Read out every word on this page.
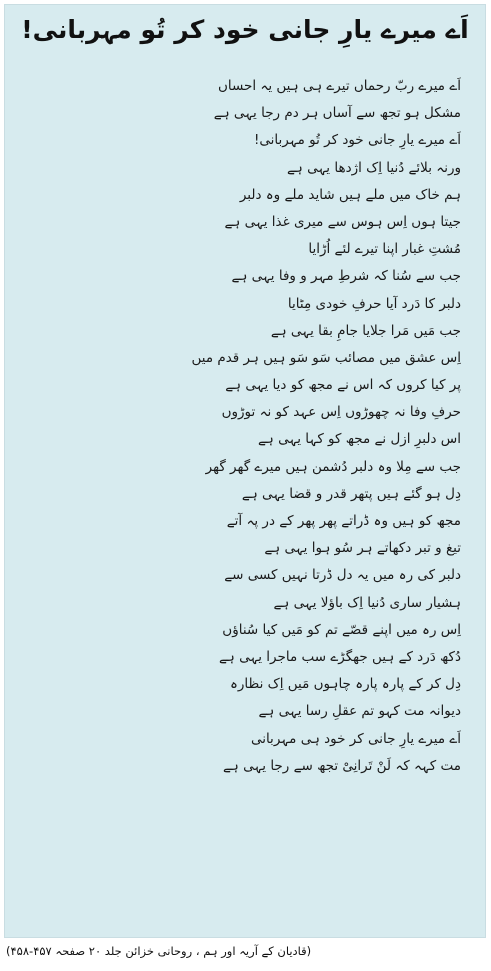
اَے میرے یارِ جانی خود کر تُو مہربانی!
اَے میرے ربّ رحماں تیرے ہی ہیں یہ احساں
مشکل ہو تجھ سے آساں ہر دم رجا یہی ہے
اَے میرے یارِ جانی خود کر تُو مہربانی!
ورنہ بلائے دُنیا اِک اژدھا یہی ہے
ہم خاک میں ملے ہیں شاید ملے وہ دلبر
جیتا ہوں اِس ہوس سے میری غذا یہی ہے
مُشتِ غبار اپنا تیرے لئے اُڑایا
جب سے سُنا کہ شرطِ مہر و وفا یہی ہے
دلبر کا دَرد آیا حرفِ خودی مِٹایا
جب مَیں مَرا جلایا جامِ بقا یہی ہے
اِس عشق میں مصائب سَو سَو ہیں ہر قدم میں
پر کیا کروں کہ اس نے مجھ کو دیا یہی ہے
حرفِ وفا نہ چھوڑوں اِس عہد کو نہ توڑوں
اس دلبرِ ازل نے مجھ کو کہا یہی ہے
جب سے مِلا وہ دلبر دُشمن ہیں میرے گھر گھر
دِل ہو گئے ہیں پتھر قدر و قضا یہی ہے
مجھ کو ہیں وہ ڈراتے پھر پھر کے در پہ آتے
تیغ و تبر دکھاتے ہر سُو ہوا یہی ہے
دلبر کی رہ میں یہ دل ڈرتا نہیں کسی سے
ہشیار ساری دُنیا اِک باؤلا یہی ہے
اِس رہ میں اپنے قصّے تم کو مَیں کیا سُناؤں
دُکھ دَرد کے ہیں جھگڑے سب ماجرا یہی ہے
دِل کر کے پارہ پارہ چاہوں مَیں اِک نظارہ
دیوانہ مت کہو تم عقلِ رسا یہی ہے
اَے میرے یارِ جانی کر خود ہی مہربانی
مت کہہ کہ لَنْ تَرانِیْ تجھ سے رجا یہی ہے
(قادیان کے آریہ اور ہم ، روحانی خزائن جلد ۲۰ صفحہ ۴۵۷-۴۵۸)
